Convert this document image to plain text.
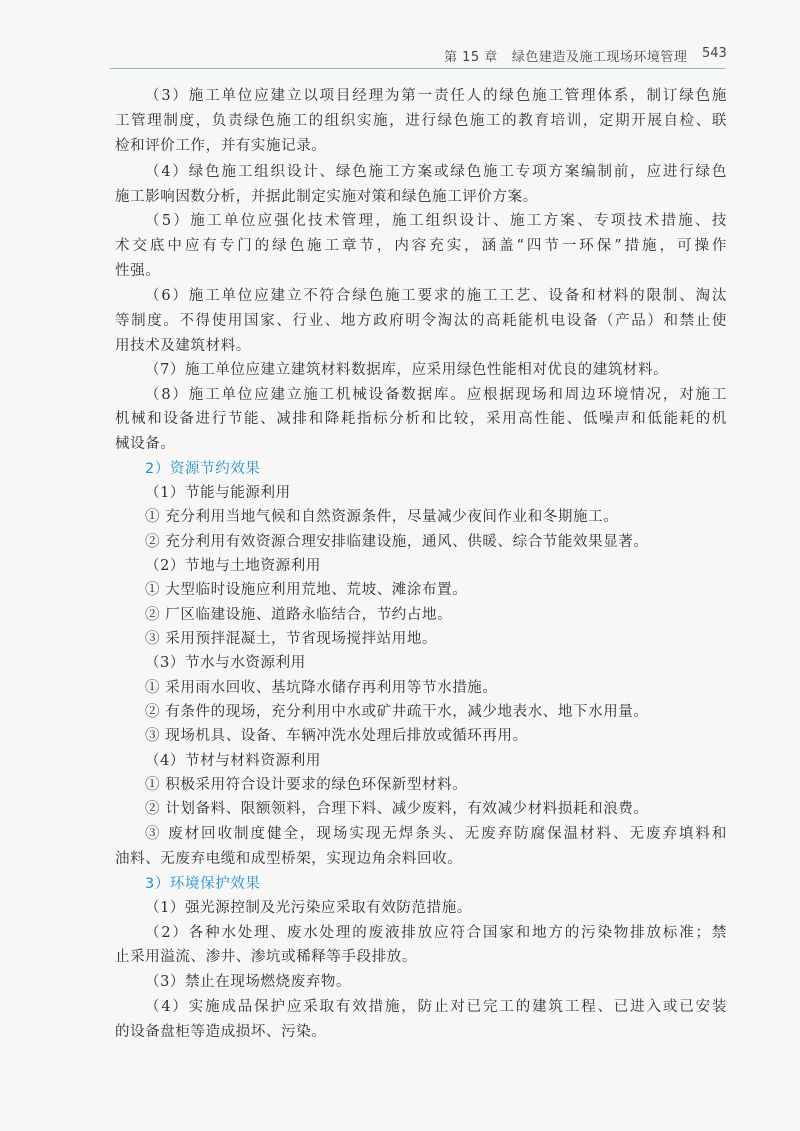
第 15 章 绿色建造及施工现场环境管理 543
（3）施工单位应建立以项目经理为第一责任人的绿色施工管理体系，制订绿色施
工管理制度，负责绿色施工的组织实施，进行绿色施工的教育培训，定期开展自检、联
检和评价工作，并有实施记录。
（4）绿色施工组织设计、绿色施工方案或绿色施工专项方案编制前，应进行绿色
施工影响因数分析，并据此制定实施对策和绿色施工评价方案。
（5）施工单位应强化技术管理，施工组织设计、施工方案、专项技术措施、技
术交底中应有专门的绿色施工章节，内容充实，涵盖“四节一环保”措施，可操作
性强。
（6）施工单位应建立不符合绿色施工要求的施工工艺、设备和材料的限制、淘汰
等制度。不得使用国家、行业、地方政府明令淘汰的高耗能机电设备（产品）和禁止使
用技术及建筑材料。
（7）施工单位应建立建筑材料数据库，应采用绿色性能相对优良的建筑材料。
（8）施工单位应建立施工机械设备数据库。应根据现场和周边环境情况，对施工
机械和设备进行节能、减排和降耗指标分析和比较，采用高性能、低噪声和低能耗的机
械设备。
2）资源节约效果
（1）节能与能源利用
① 充分利用当地气候和自然资源条件，尽量减少夜间作业和冬期施工。
② 充分利用有效资源合理安排临建设施，通风、供暖、综合节能效果显著。
（2）节地与土地资源利用
① 大型临时设施应利用荒地、荒坡、滩涂布置。
② 厂区临建设施、道路永临结合，节约占地。
③ 采用预拌混凝土，节省现场搅拌站用地。
（3）节水与水资源利用
① 采用雨水回收、基坑降水储存再利用等节水措施。
② 有条件的现场，充分利用中水或矿井疏干水，减少地表水、地下水用量。
③ 现场机具、设备、车辆冲洗水处理后排放或循环再用。
（4）节材与材料资源利用
① 积极采用符合设计要求的绿色环保新型材料。
② 计划备料、限额领料，合理下料、减少废料，有效减少材料损耗和浪费。
③ 废材回收制度健全，现场实现无焊条头、无废弃防腐保温材料、无废弃填料和
油料、无废弃电缆和成型桥架，实现边角余料回收。
3）环境保护效果
（1）强光源控制及光污染应采取有效防范措施。
（2）各种水处理、废水处理的废液排放应符合国家和地方的污染物排放标准；禁
止采用溢流、渗井、渗坑或稀释等手段排放。
（3）禁止在现场燃烧废弃物。
（4）实施成品保护应采取有效措施，防止对已完工的建筑工程、已进入或已安装
的设备盘柜等造成损坏、污染。
